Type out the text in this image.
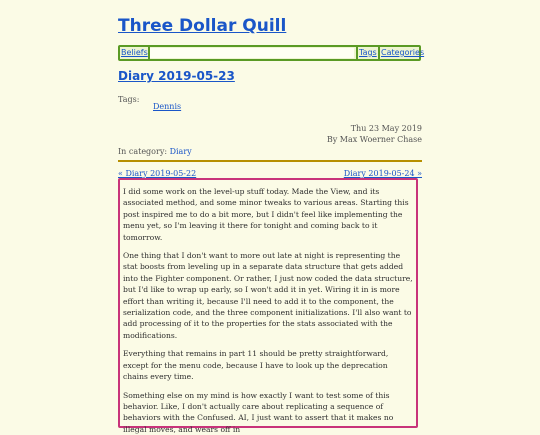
Three Dollar Quill
Beliefs	Tags Categories
Diary 2019-05-23
Tags:
Dennis
Thu 23 May 2019
By Max Woerner Chase
In category: Diary
« Diary 2019-05-22	Diary 2019-05-24 »

I did some work on the level-up stuff today. Made the View, and its associated method, and some minor tweaks to various areas. Starting this post inspired me to do a bit more, but I didn't feel like implementing the menu yet, so I'm leaving it there for tonight and coming back to it tomorrow.

One thing that I don't want to more out late at night is representing the stat boosts from leveling up in a separate data structure that gets added into the Fighter component. Or rather, I just now coded the data structure, but I'd like to wrap up early, so I won't add it in yet. Wiring it in is more effort than writing it, because I'll need to add it to the component, the serialization code, and the three component initializations. I'll also want to add processing of it to the properties for the stats associated with the modifications.

Everything that remains in part 11 should be pretty straightforward, except for the menu code, because I have to look up the deprecation chains every time.

Something else on my mind is how exactly I want to test some of this behavior. Like, I don't actually care about replicating a sequence of behaviors with the Confused. AI, I just want to assert that it makes no illegal moves, and wears off in
